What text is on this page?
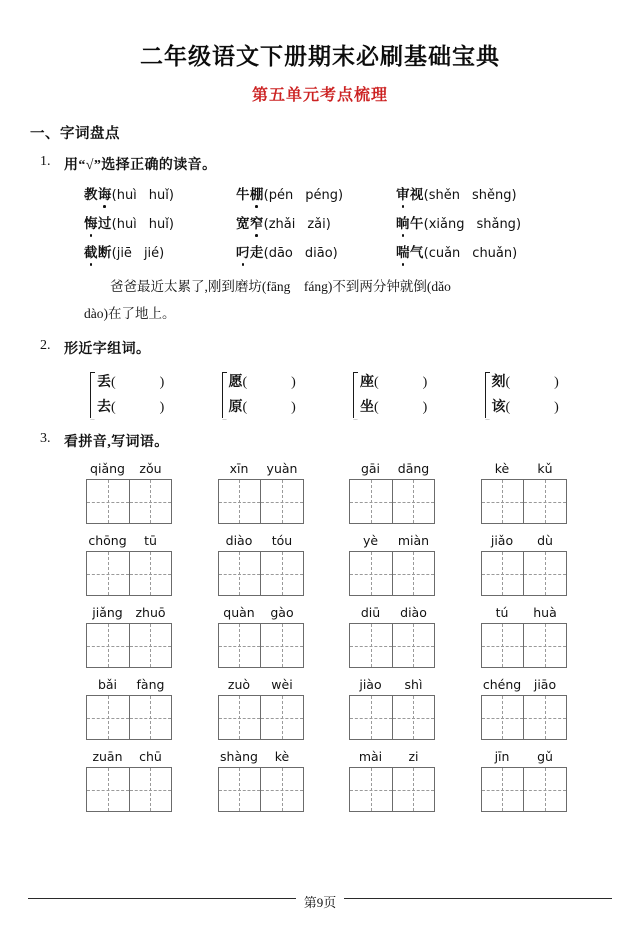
二年级语文下册期末必刷基础宝典
第五单元考点梳理
一、字词盘点
1. 用“√”选择正确的读音。
教诲 (huì huǐ)	牛棚 (pén péng)	审视 (shěn shěng)
悔过 (huì huǐ)	宽窄 (zhǎi zǎi)	晌午 (xiǎng shǎng)
截断 (jiē jié)	叼走 (dāo diāo)	喘气 (cuǎn chuǎn)
爸爸最近太累了,刚到磨坊(fāng　fáng)不到两分钟就倒(dǎo
dào)在了地上。
2. 形近字组词。
丢(	)
去(	)
愿(	)
原(	)
座(	)
坐(	)
刻(	)
该(	)
3. 看拼音,写词语。
qiǎng	zǒu	xīn	yuàn	gāi	dāng	kè	kǔ
chōng	tū	diào	tóu	yè	miàn	jiǎo	dù
jiǎng	zhuō	quàn	gào	diū	diào	tú	huà
bǎi	fàng	zuò	wèi	jiào	shì	chéng	jiāo
zuān	chū	shàng	kè	mài	zi	jīn	gǔ
第9页
